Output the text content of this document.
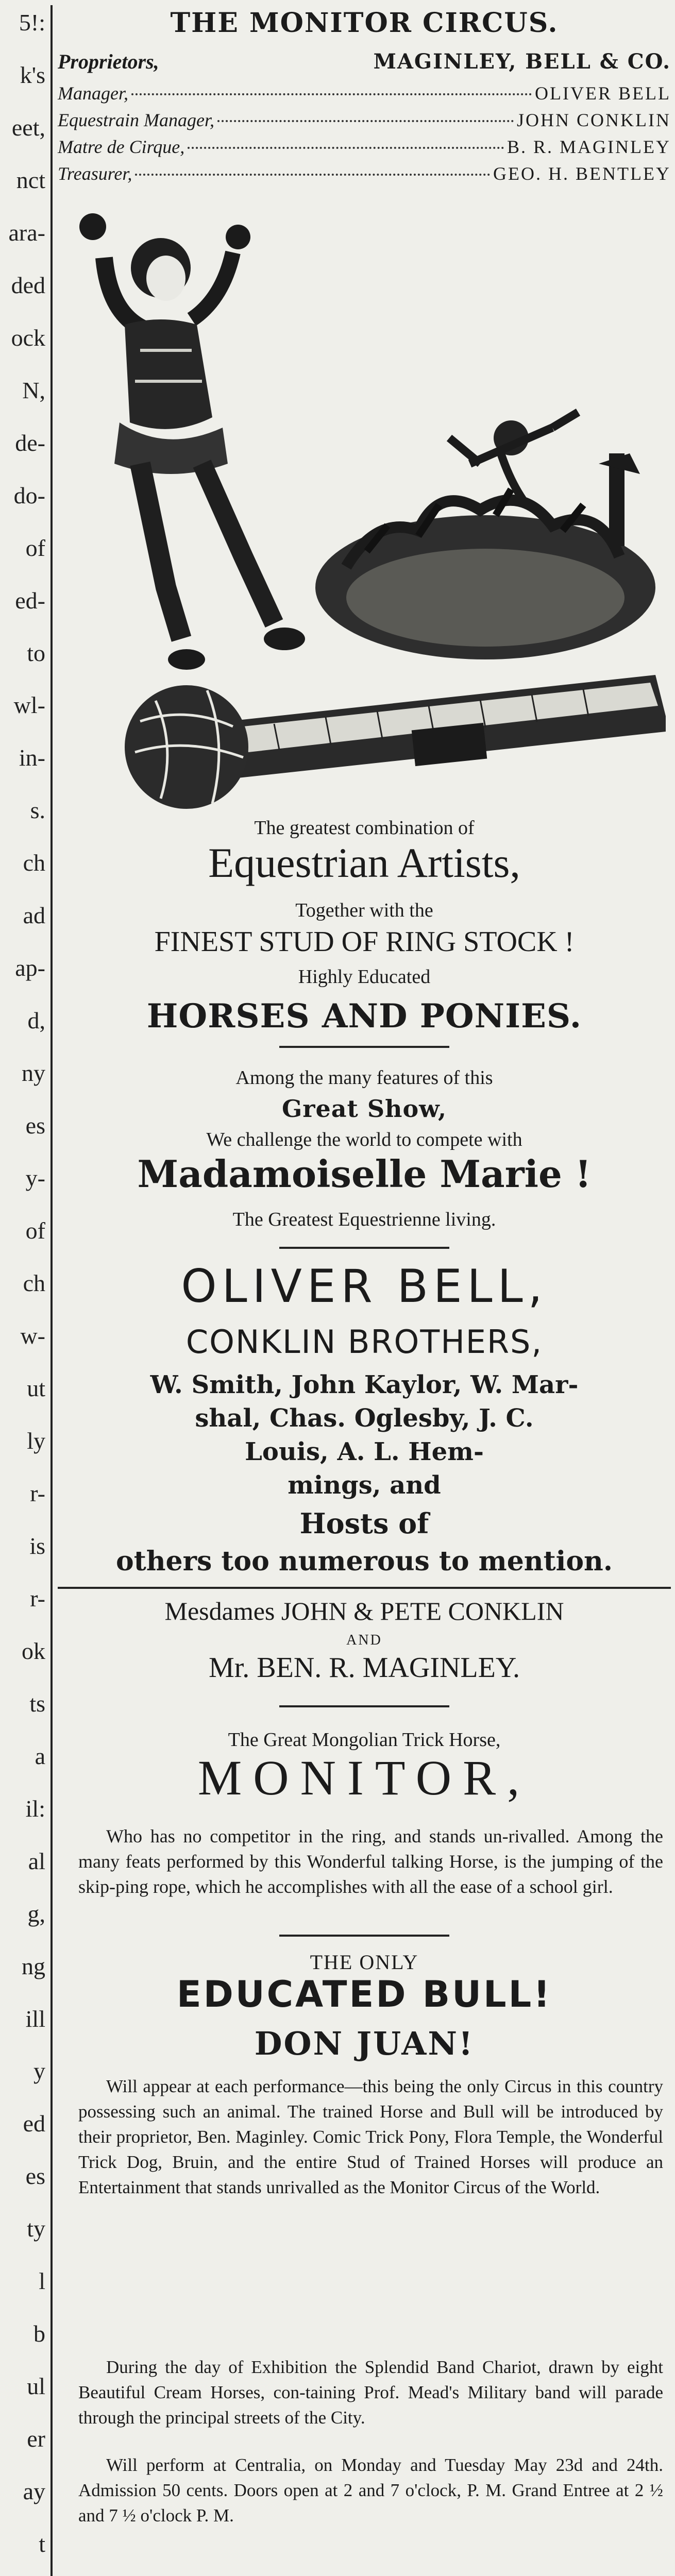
5!:
k's
eet,
nct
ara-
ded
ock
N,
de-
do-
of
ed-
to
wl-
in-
s.
ch
ad
ap-
d,
ny
es
y-
of
ch
w-
ut
ly
r-
is
r-
ok
ts
a
il:
al
g,
ng
ill
y
ed
es
ty
l
b
ul
er
ay
t
THE MONITOR CIRCUS.
Proprietors,	MAGINLEY, BELL & CO.
Manager,	OLIVER BELL
Equestrain Manager,	JOHN CONKLIN
Matre de Cirque,	B. R. MAGINLEY
Treasurer,	GEO. H. BENTLEY
The greatest combination of
Equestrian Artists,
Together with the
FINEST STUD OF RING STOCK !
Highly Educated
HORSES AND PONIES.
Among the many features of this
Great Show,
We challenge the world to compete with
Madamoiselle Marie !
The Greatest Equestrienne living.
OLIVER BELL,
CONKLIN BROTHERS,
W. Smith, John Kaylor, W. Mar-
shal, Chas. Oglesby, J. C.
Louis, A. L. Hem-
mings, and
Hosts of
others too numerous to mention.
Mesdames JOHN & PETE CONKLIN
AND
Mr. BEN. R. MAGINLEY.
The Great Mongolian Trick Horse,
MONITOR,
Who has no competitor in the ring, and stands un-rivalled. Among the many feats performed by this Wonderful talking Horse, is the jumping of the skip-ping rope, which he accomplishes with all the ease of a school girl.
THE ONLY
EDUCATED BULL!
DON JUAN!
Will appear at each performance—this being the only Circus in this country possessing such an animal. The trained Horse and Bull will be introduced by their proprietor, Ben. Maginley. Comic Trick Pony, Flora Temple, the Wonderful Trick Dog, Bruin, and the entire Stud of Trained Horses will produce an Entertainment that stands unrivalled as the Monitor Circus of the World.
During the day of Exhibition the Splendid Band Chariot, drawn by eight Beautiful Cream Horses, con-taining Prof. Mead's Military band will parade through the principal streets of the City.
Will perform at Centralia, on Monday and Tuesday May 23d and 24th. Admission 50 cents. Doors open at 2 and 7 o'clock, P. M. Grand Entree at 2 ½ and 7 ½ o'clock P. M.
